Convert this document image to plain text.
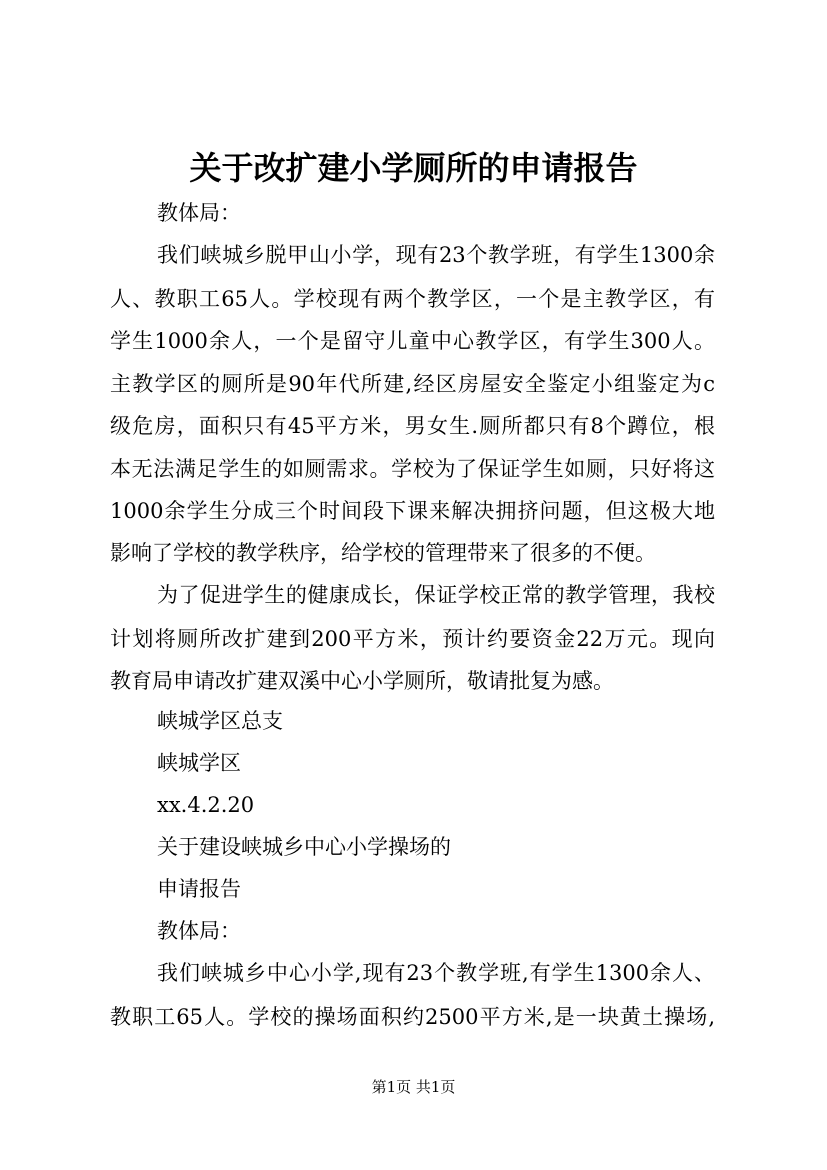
关于改扩建小学厕所的申请报告
教体局：
我们峡城乡脱甲山小学，现有23个教学班，有学生1300余
人、教职工65人。学校现有两个教学区，一个是主教学区，有
学生1000余人，一个是留守儿童中心教学区，有学生300人。
主教学区的厕所是90年代所建,经区房屋安全鉴定小组鉴定为c
级危房，面积只有45平方米，男女生.厕所都只有8个蹲位，根
本无法满足学生的如厕需求。学校为了保证学生如厕，只好将这
1000余学生分成三个时间段下课来解决拥挤问题，但这极大地
影响了学校的教学秩序，给学校的管理带来了很多的不便。
为了促进学生的健康成长，保证学校正常的教学管理，我校
计划将厕所改扩建到200平方米，预计约要资金22万元。现向
教育局申请改扩建双溪中心小学厕所，敬请批复为感。
峡城学区总支
峡城学区
xx.4.2.20
关于建设峡城乡中心小学操场的
申请报告
教体局：
我们峡城乡中心小学,现有23个教学班,有学生1300余人、
教职工65人。学校的操场面积约2500平方米,是一块黄土操场,
第1页 共1页
